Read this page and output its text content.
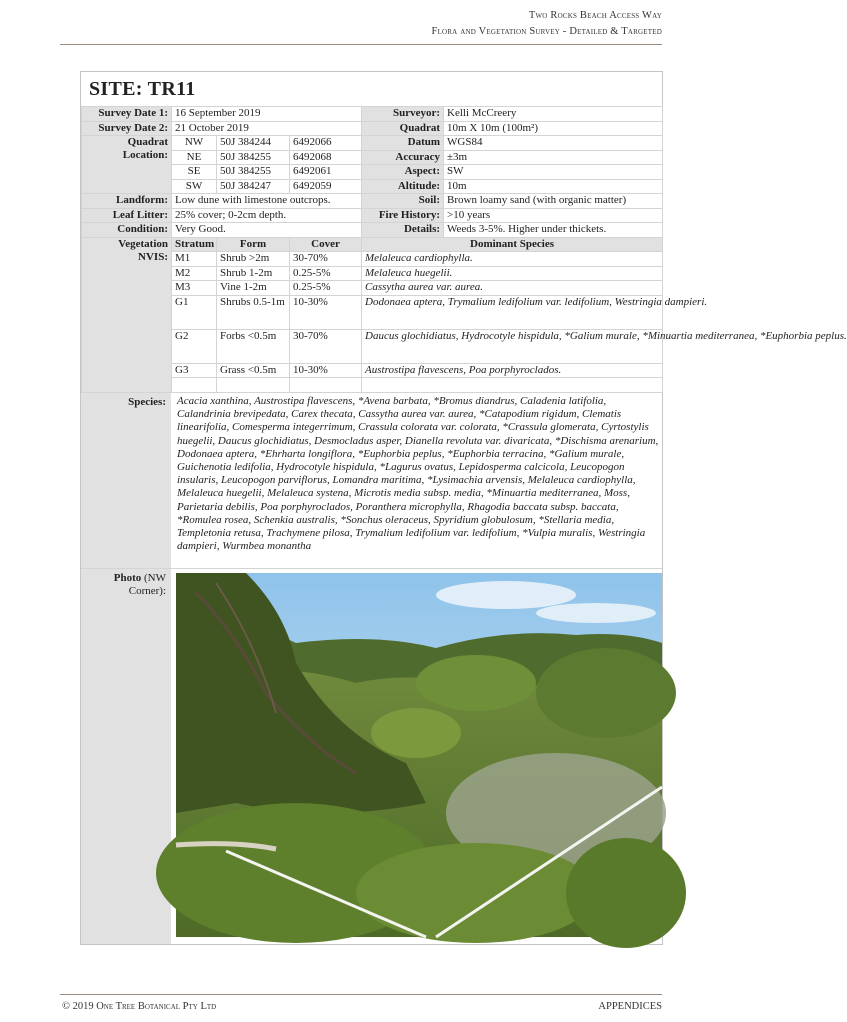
Two Rocks Beach Access Way
Flora and Vegetation Survey - Detailed & Targeted
SITE: TR11
Survey Date 1:	16 September 2019			Surveyor:	Kelli McCreery
Survey Date 2:	21 October 2019			Quadrat	10m X 10m (100m²)
Quadrat
Location:	NW	50J 384244	6492066	Datum	WGS84
	NE	50J 384255	6492068	Accuracy	±3m
	SE	50J 384255	6492061	Aspect:	SW
	SW	50J 384247	6492059	Altitude:	10m
Landform:	Low dune with limestone outcrops.			Soil:	Brown loamy sand (with organic matter)
Leaf Litter:	25% cover; 0-2cm depth.			Fire History:	>10 years
Condition:	Very Good.			Details:	Weeds 3-5%. Higher under thickets.
Vegetation
NVIS:	Stratum	Form	Cover	Dominant Species	
	M1	Shrub >2m	30-70%	Melaleuca cardiophylla.	
	M2	Shrub 1-2m	0.25-5%	Melaleuca huegelii.	
	M3	Vine 1-2m	0.25-5%	Cassytha aurea var. aurea.	
	G1	Shrubs 0.5-1m	10-30%	Dodonaea aptera, Trymalium ledifolium var. ledifolium, Westringia dampieri.	
	G2	Forbs <0.5m	30-70%	Daucus glochidiatus, Hydrocotyle hispidula, *Galium murale, *Minuartia mediterranea, *Euphorbia peplus.	
	G3	Grass <0.5m	10-30%	Austrostipa flavescens, Poa porphyroclados.	

Species:	Acacia xanthina, Austrostipa flavescens, *Avena barbata, *Bromus diandrus, Caladenia latifolia, Calandrinia brevipedata, Carex thecata, Cassytha aurea var. aurea, *Catapodium rigidum, Clematis linearifolia, Comesperma integerrimum, Crassula colorata var. colorata, *Crassula glomerata, Cyrtostylis huegelii, Daucus glochidiatus, Desmocladus asper, Dianella revoluta var. divaricata, *Dischisma arenarium, Dodonaea aptera, *Ehrharta longiflora, *Euphorbia peplus, *Euphorbia terracina, *Galium murale, Guichenotia ledifolia, Hydrocotyle hispidula, *Lagurus ovatus, Lepidosperma calcicola, Leucopogon insularis, Leucopogon parviflorus, Lomandra maritima, *Lysimachia arvensis, Melaleuca cardiophylla, Melaleuca huegelii, Melaleuca systena, Microtis media subsp. media, *Minuartia mediterranea, Moss, Parietaria debilis, Poa porphyroclados, Poranthera microphylla, Rhagodia baccata subsp. baccata, *Romulea rosea, Schenkia australis, *Sonchus oleraceus, Spyridium globulosum, *Stellaria media, Templetonia retusa, Trachymene pilosa, Trymalium ledifolium var. ledifolium, *Vulpia muralis, Westringia dampieri, Wurmbea monantha
Photo (NW Corner):
© 2019 One Tree Botanical Pty Ltd	APPENDICES
